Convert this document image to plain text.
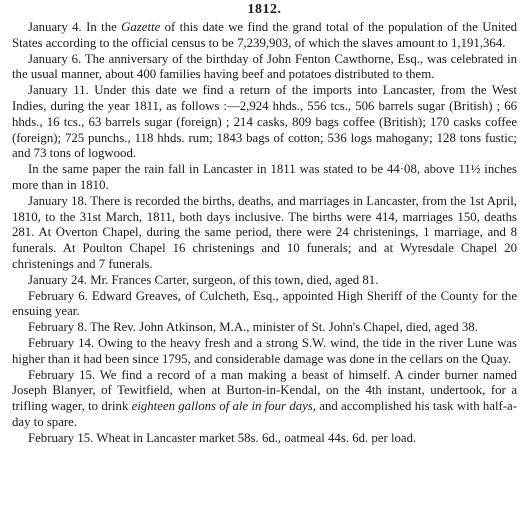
1812.

January 4. In the Gazette of this date we find the grand total of the population of the United States according to the official census to be 7,239,903, of which the slaves amount to 1,191,364.

January 6. The anniversary of the birthday of John Fenton Cawthorne, Esq., was celebrated in the usual manner, about 400 families having beef and potatoes distributed to them.

January 11. Under this date we find a return of the imports into Lancaster, from the West Indies, during the year 1811, as follows :—2,924 hhds., 556 tcs., 506 barrels sugar (British) ; 66 hhds., 16 tcs., 63 barrels sugar (foreign) ; 214 casks, 809 bags coffee (British); 170 casks coffee (foreign); 725 punchs., 118 hhds. rum; 1843 bags of cotton; 536 logs mahogany; 128 tons fustic; and 73 tons of logwood.

In the same paper the rain fall in Lancaster in 1811 was stated to be 44·08, above 11½ inches more than in 1810.

January 18. There is recorded the births, deaths, and marriages in Lancaster, from the 1st April, 1810, to the 31st March, 1811, both days inclusive. The births were 414, marriages 150, deaths 281. At Overton Chapel, during the same period, there were 24 christenings, 1 marriage, and 8 funerals. At Poulton Chapel 16 christenings and 10 funerals; and at Wyresdale Chapel 20 christenings and 7 funerals.

January 24. Mr. Frances Carter, surgeon, of this town, died, aged 81.

February 6. Edward Greaves, of Culcheth, Esq., appointed High Sheriff of the County for the ensuing year.

February 8. The Rev. John Atkinson, M.A., minister of St. John's Chapel, died, aged 38.

February 14. Owing to the heavy fresh and a strong S.W. wind, the tide in the river Lune was higher than it had been since 1795, and considerable damage was done in the cellars on the Quay.

February 15. We find a record of a man making a beast of himself. A cinder burner named Joseph Blanyer, of Tewitfield, when at Burton-in-Kendal, on the 4th instant, undertook, for a trifling wager, to drink eighteen gallons of ale in four days, and accomplished his task with half-a-day to spare.

February 15. Wheat in Lancaster market 58s. 6d., oatmeal 44s. 6d. per load.
